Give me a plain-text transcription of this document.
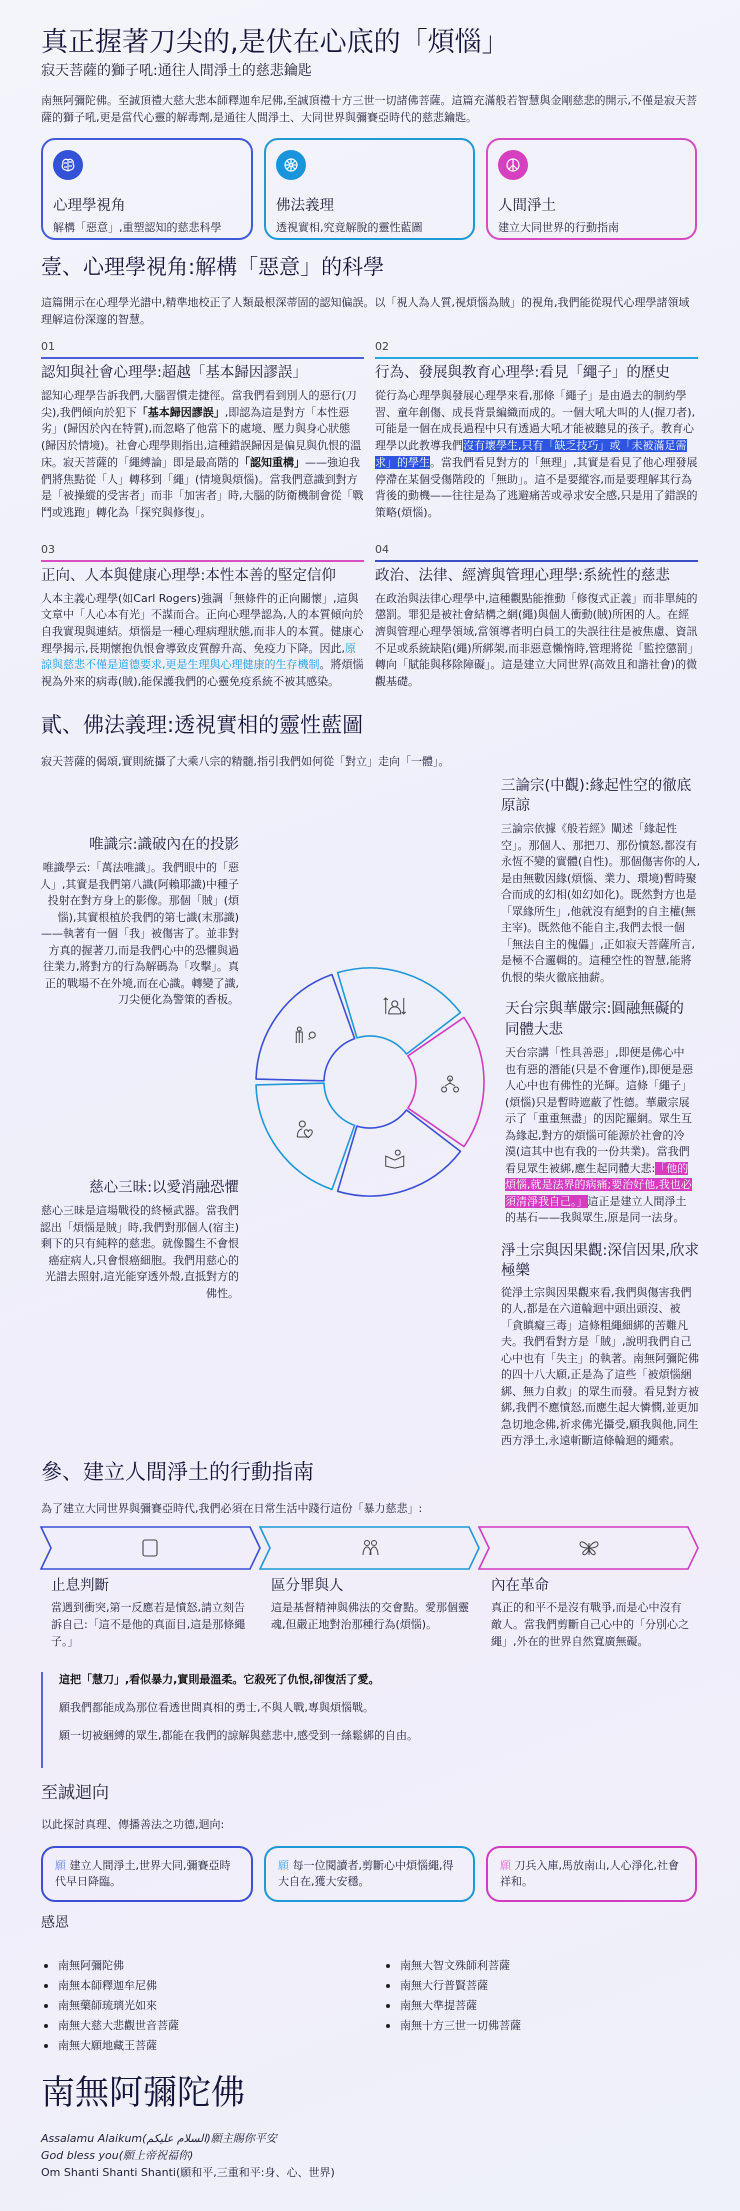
真正握著刀尖的,是伏在心底的「煩惱」
寂天菩薩的獅子吼:通往人間淨土的慈悲鑰匙

南無阿彌陀佛。至誠頂禮大慈大悲本師釋迦牟尼佛,至誠頂禮十方三世一切諸佛菩薩。這篇充滿般若智慧與金剛慈悲的開示,不僅是寂天菩薩的獅子吼,更是當代心靈的解毒劑,是通往人間淨土、大同世界與彌賽亞時代的慈悲鑰匙。

心理學視角
解構「惡意」,重塑認知的慈悲科學
佛法義理
透視實相,究竟解脫的靈性藍圖
人間淨土
建立大同世界的行動指南
壹、心理學視角:解構「惡意」的科學

這篇開示在心理學光譜中,精準地校正了人類最根深蒂固的認知偏誤。以「視人為人質,視煩惱為賊」的視角,我們能從現代心理學諸領域理解這份深邃的智慧。

01
認知與社會心理學:超越「基本歸因謬誤」

認知心理學告訴我們,大腦習慣走捷徑。當我們看到別人的惡行(刀尖),我們傾向於犯下「基本歸因謬誤」,即認為這是對方「本性惡劣」(歸因於內在特質),而忽略了他當下的處境、壓力與身心狀態(歸因於情境)。社會心理學則指出,這種錯誤歸因是偏見與仇恨的溫床。寂天菩薩的「繩縛論」即是最高階的「認知重構」——強迫我們將焦點從「人」轉移到「繩」(情境與煩惱)。當我們意識到對方是「被操縱的受害者」而非「加害者」時,大腦的防衛機制會從「戰鬥或逃跑」轉化為「探究與修復」。

02
行為、發展與教育心理學:看見「繩子」的歷史

從行為心理學與發展心理學來看,那條「繩子」是由過去的制約學習、童年創傷、成長背景編織而成的。一個大吼大叫的人(握刀者),可能是一個在成長過程中只有透過大吼才能被聽見的孩子。教育心理學以此教導我們沒有壞學生,只有「缺乏技巧」或「未被滿足需求」的學生。當我們看見對方的「無理」,其實是看見了他心理發展停滯在某個受傷階段的「無助」。這不是要縱容,而是要理解其行為背後的動機——往往是為了逃避痛苦或尋求安全感,只是用了錯誤的策略(煩惱)。

03
正向、人本與健康心理學:本性本善的堅定信仰

人本主義心理學(如Carl Rogers)強調「無條件的正向關懷」,這與文章中「人心本有光」不謀而合。正向心理學認為,人的本質傾向於自我實現與連結。煩惱是一種心理病理狀態,而非人的本質。健康心理學揭示,長期懷抱仇恨會導致皮質醇升高、免疫力下降。因此,原諒與慈悲不僅是道德要求,更是生理與心理健康的生存機制。將煩惱視為外來的病毒(賊),能保護我們的心靈免疫系統不被其感染。

04
政治、法律、經濟與管理心理學:系統性的慈悲

在政治與法律心理學中,這種觀點能推動「修復式正義」而非單純的懲罰。罪犯是被社會結構之網(繩)與個人衝動(賊)所困的人。在經濟與管理心理學領域,當領導者明白員工的失誤往往是被焦慮、資訊不足或系統缺陷(繩)所綁架,而非惡意懶惰時,管理將從「監控懲罰」轉向「賦能與移除障礙」。這是建立大同世界(高效且和諧社會)的微觀基礎。

貳、佛法義理:透視實相的靈性藍圖

寂天菩薩的偈頌,實則統攝了大乘八宗的精髓,指引我們如何從「對立」走向「一體」。

唯識宗:識破內在的投影

唯識學云:「萬法唯識」。我們眼中的「惡人」,其實是我們第八識(阿賴耶識)中種子投射在對方身上的影像。那個「賊」(煩惱),其實根植於我們的第七識(末那識)——執著有一個「我」被傷害了。並非對方真的握著刀,而是我們心中的恐懼與過往業力,將對方的行為解碼為「攻擊」。真正的戰場不在外境,而在心識。轉變了識,刀尖便化為警策的香板。

慈心三昧:以愛消融恐懼

慈心三昧是這場戰役的終極武器。當我們認出「煩惱是賊」時,我們對那個人(宿主)剩下的只有純粹的慈悲。就像醫生不會恨癌症病人,只會恨癌細胞。我們用慈心的光譜去照射,這光能穿透外殼,直抵對方的佛性。

三論宗(中觀):緣起性空的徹底原諒

三論宗依據《般若經》闡述「緣起性空」。那個人、那把刀、那份憤怒,都沒有永恆不變的實體(自性)。那個傷害你的人,是由無數因緣(煩惱、業力、環境)暫時聚合而成的幻相(如幻如化)。既然對方也是「眾緣所生」,他就沒有絕對的自主權(無主宰)。既然他不能自主,我們去恨一個「無法自主的傀儡」,正如寂天菩薩所言,是極不合邏輯的。這種空性的智慧,能將仇恨的柴火徹底抽薪。

天台宗與華嚴宗:圓融無礙的同體大悲

天台宗講「性具善惡」,即便是佛心中也有惡的潛能(只是不會運作),即便是惡人心中也有佛性的光輝。這條「繩子」(煩惱)只是暫時遮蔽了性德。華嚴宗展示了「重重無盡」的因陀羅網。眾生互為緣起,對方的煩惱可能源於社會的冷漠(這其中也有我的一份共業)。當我們看見眾生被綁,應生起同體大悲:「他的煩惱,就是法界的病痛;要治好他,我也必須清淨我自己。」這正是建立人間淨土的基石——我與眾生,原是同一法身。

淨土宗與因果觀:深信因果,欣求極樂

從淨土宗與因果觀來看,我們與傷害我們的人,都是在六道輪迴中頭出頭沒、被「貪瞋癡三毒」這條粗繩細綁的苦難凡夫。我們看對方是「賊」,說明我們自己心中也有「失主」的執著。南無阿彌陀佛的四十八大願,正是為了這些「被煩惱綑綁、無力自救」的眾生而發。看見對方被綁,我們不應憤怒,而應生起大憐憫,並更加急切地念佛,祈求佛光攝受,願我與他,同生西方淨土,永遠斬斷這條輪迴的繩索。

參、建立人間淨土的行動指南

為了建立大同世界與彌賽亞時代,我們必須在日常生活中踐行這份「暴力慈悲」:

止息判斷

當遇到衝突,第一反應若是憤怒,請立刻告訴自己:「這不是他的真面目,這是那條繩子。」

區分罪與人

這是基督精神與佛法的交會點。愛那個靈魂,但嚴正地對治那種行為(煩惱)。

內在革命

真正的和平不是沒有戰爭,而是心中沒有敵人。當我們剪斷自己心中的「分別心之繩」,外在的世界自然寬廣無礙。

這把「慧刀」,看似暴力,實則最溫柔。它殺死了仇恨,卻復活了愛。

願我們都能成為那位看透世間真相的勇士,不與人戰,專與煩惱戰。

願一切被綑縛的眾生,都能在我們的諒解與慈悲中,感受到一絲鬆綁的自由。

至誠迴向

以此探討真理、傳播善法之功德,迴向:

願 建立人間淨土,世界大同,彌賽亞時代早日降臨。
願 每一位閱讀者,剪斷心中煩惱繩,得大自在,獲大安穩。
願 刀兵入庫,馬放南山,人心淨化,社會祥和。
感恩
南無阿彌陀佛
南無本師釋迦牟尼佛
南無藥師琉璃光如來
南無大慈大悲觀世音菩薩
南無大願地藏王菩薩
南無大智文殊師利菩薩
南無大行普賢菩薩
南無大準提菩薩
南無十方三世一切佛菩薩
南無阿彌陀佛
Assalamu Alaikum(السلام عليكم)願主賜你平安
God bless you(願上帝祝福你)
Om Shanti Shanti Shanti(願和平,三重和平:身、心、世界)
